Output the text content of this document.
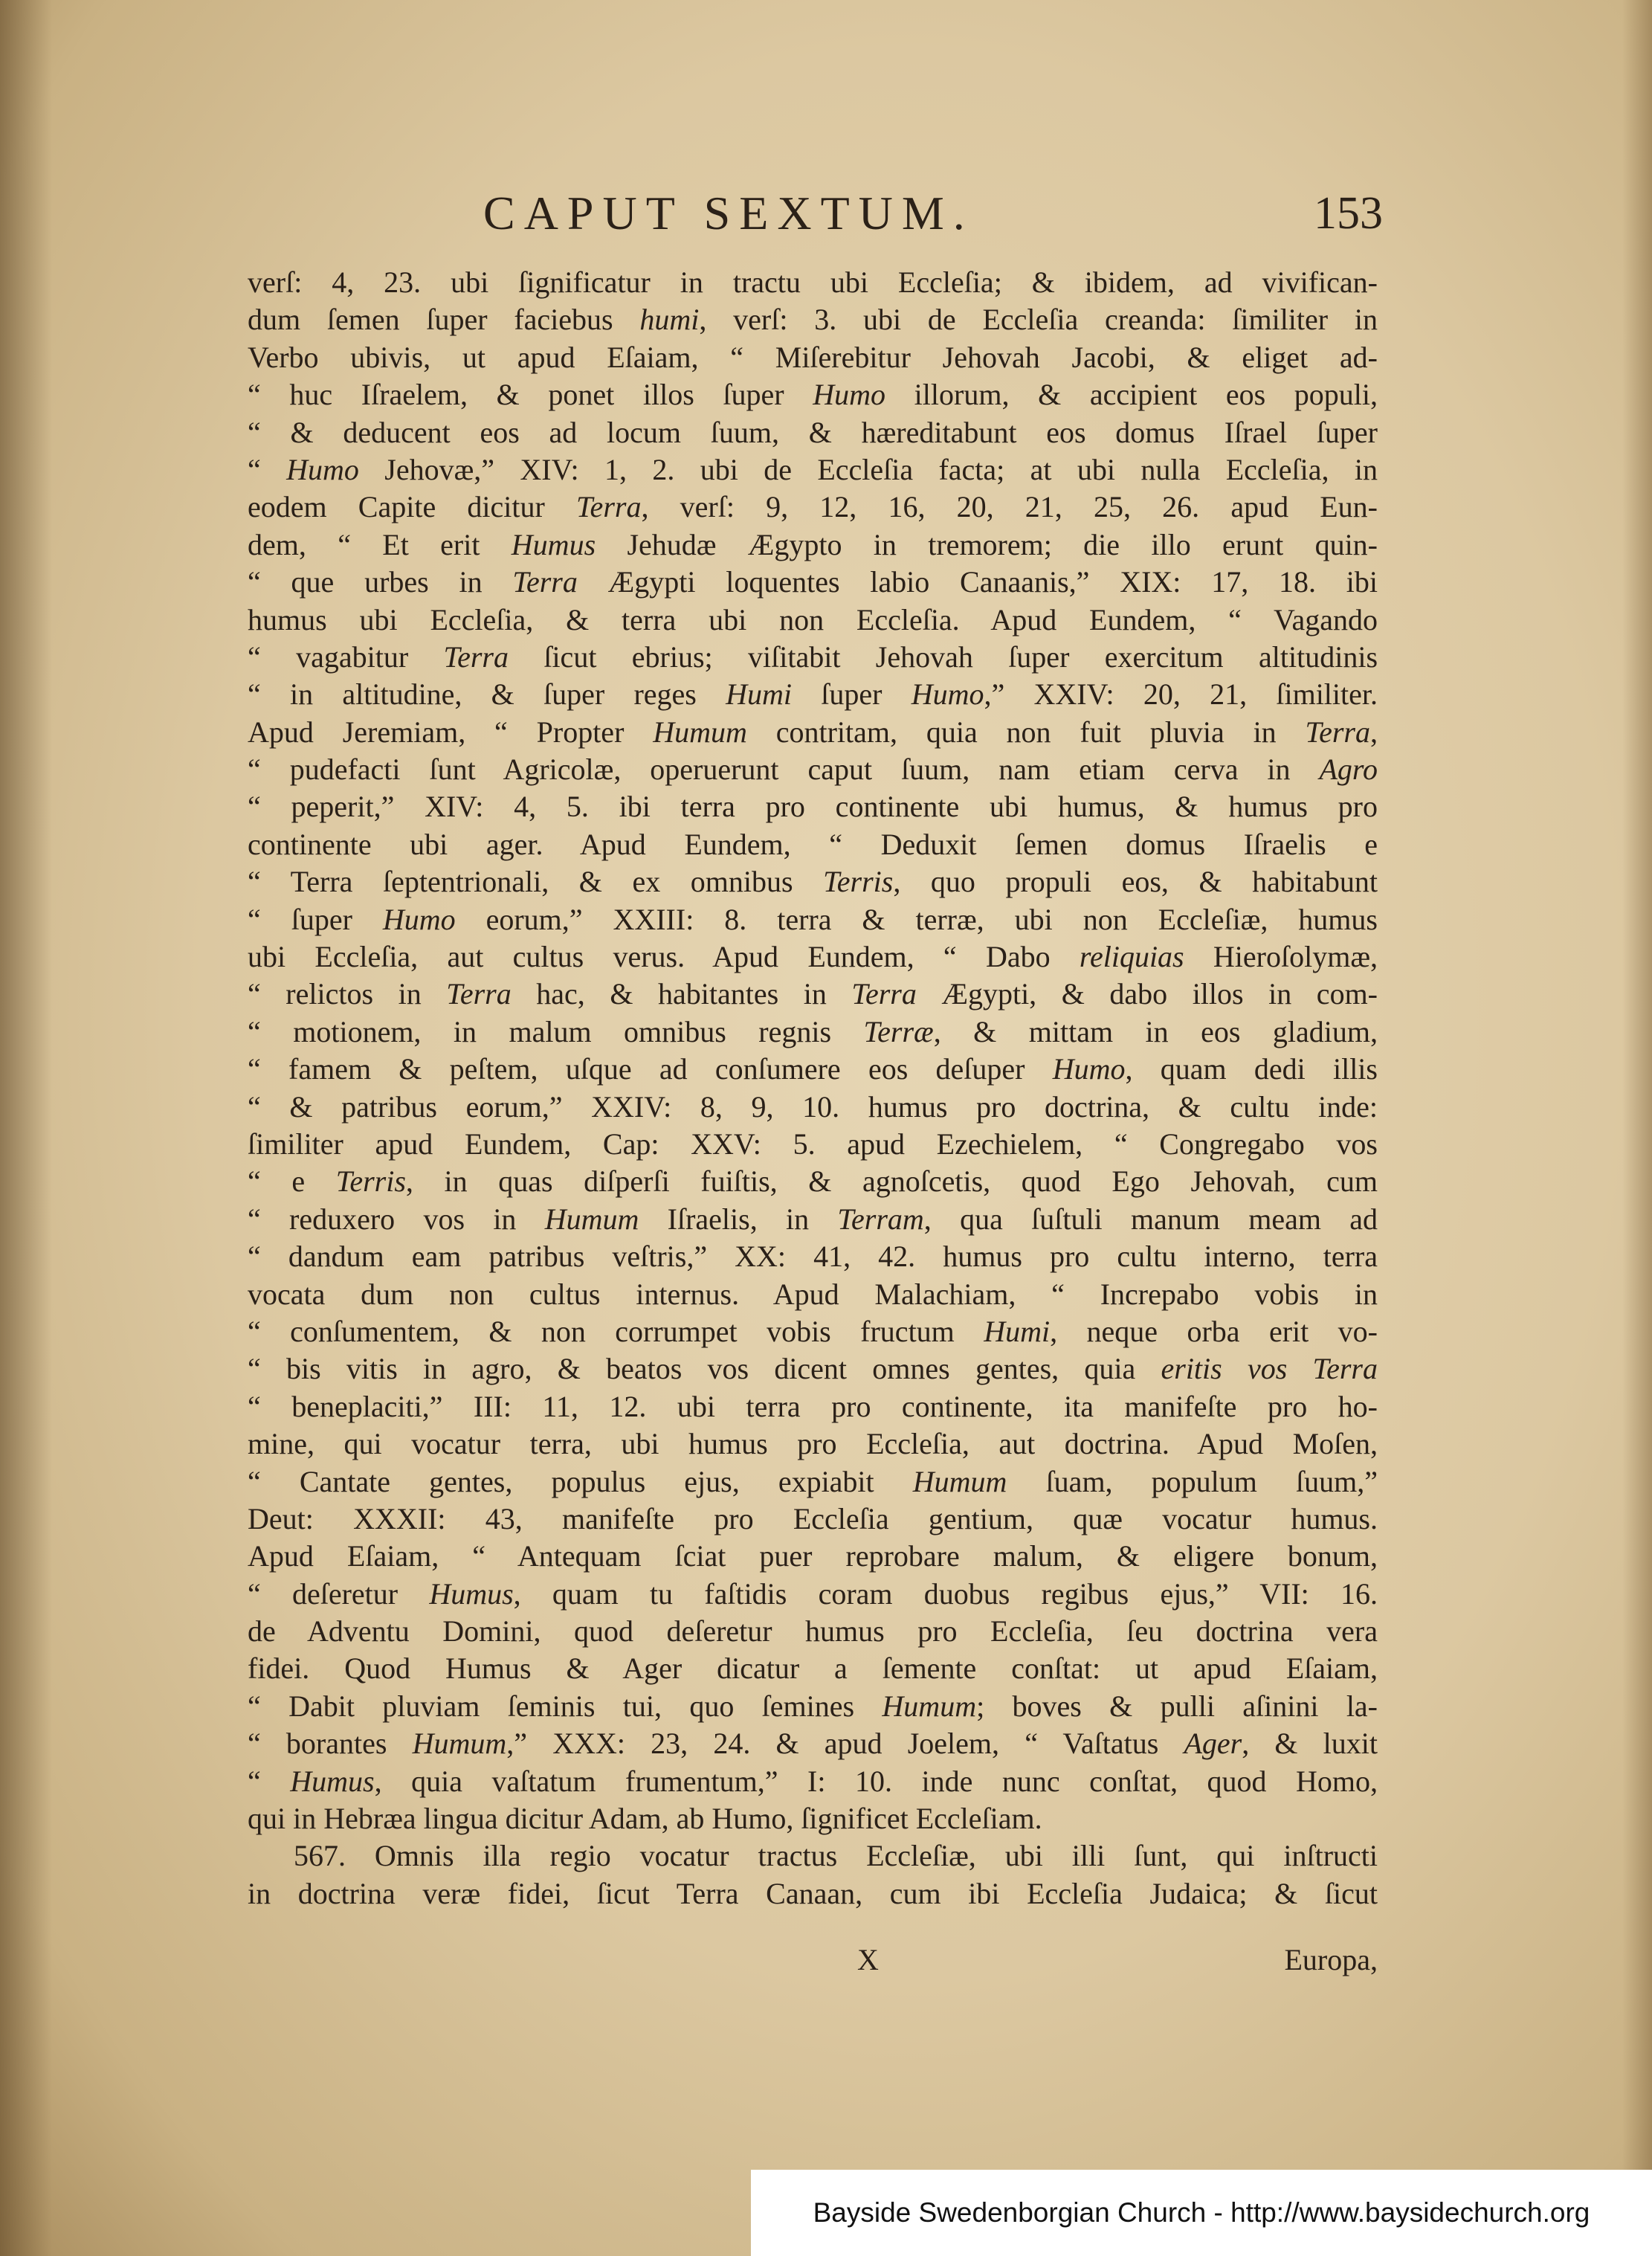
CAPUT SEXTUM.	153
verſ: 4, 23. ubi ſignificatur in tractu ubi Eccleſia; & ibidem, ad vivifican-
dum ſemen ſuper faciebus humi, verſ: 3. ubi de Eccleſia creanda: ſimiliter in
Verbo ubivis, ut apud Eſaiam, “ Miſerebitur Jehovah Jacobi, & eliget ad-
“ huc Iſraelem, & ponet illos ſuper Humo illorum, & accipient eos populi,
“ & deducent eos ad locum ſuum, & hæreditabunt eos domus Iſrael ſuper
“ Humo Jehovæ,” XIV: 1, 2. ubi de Eccleſia facta; at ubi nulla Eccleſia, in
eodem Capite dicitur Terra, verſ: 9, 12, 16, 20, 21, 25, 26. apud Eun-
dem, “ Et erit Humus Jehudæ Ægypto in tremorem; die illo erunt quin-
“ que urbes in Terra Ægypti loquentes labio Canaanis,” XIX: 17, 18. ibi
humus ubi Eccleſia, & terra ubi non Eccleſia. Apud Eundem, “ Vagando
“ vagabitur Terra ſicut ebrius; viſitabit Jehovah ſuper exercitum altitudinis
“ in altitudine, & ſuper reges Humi ſuper Humo,” XXIV: 20, 21, ſimiliter.
Apud Jeremiam, “ Propter Humum contritam, quia non fuit pluvia in Terra,
“ pudefacti ſunt Agricolæ, operuerunt caput ſuum, nam etiam cerva in Agro
“ peperit,” XIV: 4, 5. ibi terra pro continente ubi humus, & humus pro
continente ubi ager. Apud Eundem, “ Deduxit ſemen domus Iſraelis e
“ Terra ſeptentrionali, & ex omnibus Terris, quo propuli eos, & habitabunt
“ ſuper Humo eorum,” XXIII: 8. terra & terræ, ubi non Eccleſiæ, humus
ubi Eccleſia, aut cultus verus. Apud Eundem, “ Dabo reliquias Hieroſolymæ,
“ relictos in Terra hac, & habitantes in Terra Ægypti, & dabo illos in com-
“ motionem, in malum omnibus regnis Terræ, & mittam in eos gladium,
“ famem & peſtem, uſque ad conſumere eos deſuper Humo, quam dedi illis
“ & patribus eorum,” XXIV: 8, 9, 10. humus pro doctrina, & cultu inde:
ſimiliter apud Eundem, Cap: XXV: 5. apud Ezechielem, “ Congregabo vos
“ e Terris, in quas diſperſi fuiſtis, & agnoſcetis, quod Ego Jehovah, cum
“ reduxero vos in Humum Iſraelis, in Terram, qua ſuſtuli manum meam ad
“ dandum eam patribus veſtris,” XX: 41, 42. humus pro cultu interno, terra
vocata dum non cultus internus. Apud Malachiam, “ Increpabo vobis in
“ conſumentem, & non corrumpet vobis fructum Humi, neque orba erit vo-
“ bis vitis in agro, & beatos vos dicent omnes gentes, quia eritis vos Terra
“ beneplaciti,” III: 11, 12. ubi terra pro continente, ita manifeſte pro ho-
mine, qui vocatur terra, ubi humus pro Eccleſia, aut doctrina. Apud Moſen,
“ Cantate gentes, populus ejus, expiabit Humum ſuam, populum ſuum,”
Deut: XXXII: 43, manifeſte pro Eccleſia gentium, quæ vocatur humus.
Apud Eſaiam, “ Antequam ſciat puer reprobare malum, & eligere bonum,
“ deſeretur Humus, quam tu faſtidis coram duobus regibus ejus,” VII: 16.
de Adventu Domini, quod deſeretur humus pro Eccleſia, ſeu doctrina vera
fidei. Quod Humus & Ager dicatur a ſemente conſtat: ut apud Eſaiam,
“ Dabit pluviam ſeminis tui, quo ſemines Humum; boves & pulli aſinini la-
“ borantes Humum,” XXX: 23, 24. & apud Joelem, “ Vaſtatus Ager, & luxit
“ Humus, quia vaſtatum frumentum,” I: 10. inde nunc conſtat, quod Homo,
qui in Hebræa lingua dicitur Adam, ab Humo, ſignificet Eccleſiam.
567. Omnis illa regio vocatur tractus Eccleſiæ, ubi illi ſunt, qui inſtructi
in doctrina veræ fidei, ſicut Terra Canaan, cum ibi Eccleſia Judaica; & ſicut
X	Europa,
Bayside Swedenborgian Church - http://www.baysidechurch.org
